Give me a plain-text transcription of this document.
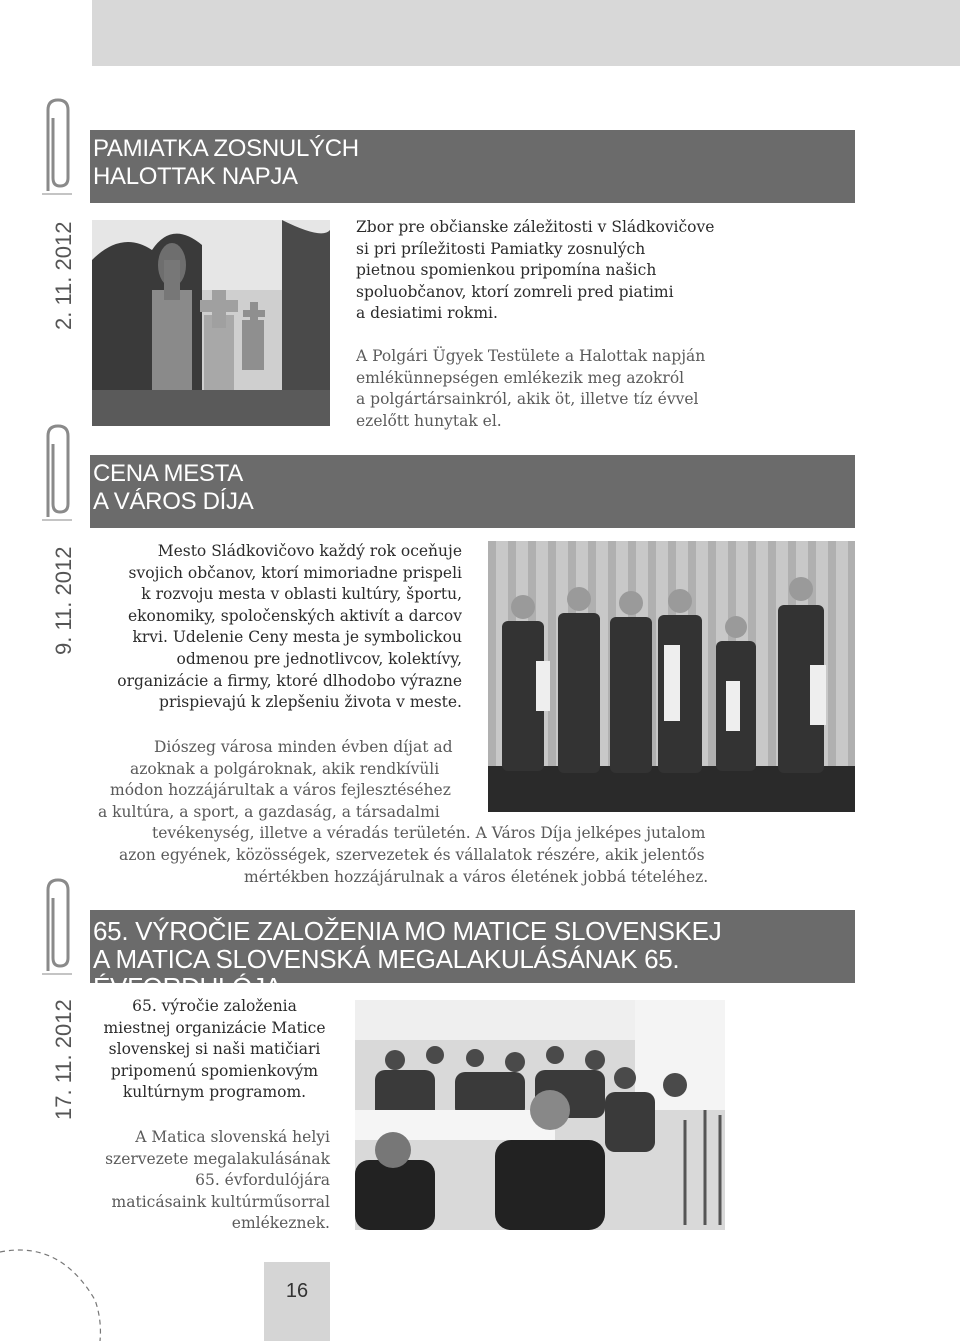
PAMIATKA ZOSNULÝCH
HALOTTAK NAPJA
2. 11. 2012	Zbor pre občianske záležitosti v Sládkovičove
si pri príležitosti Pamiatky zosnulých
pietnou spomienkou pripomína našich
spoluobčanov, ktorí zomreli pred piatimi
a desiatimi rokmi.
A Polgári Ügyek Testülete a Halottak napján
emlékünnepségen emlékezik meg azokról
a polgártársainkról, akik öt, illetve tíz évvel
ezelőtt hunytak el.
CENA MESTA
A VÁROS DÍJA
9. 11. 2012	Mesto Sládkovičovo každý rok oceňuje
svojich občanov, ktorí mimoriadne prispeli
k rozvoju mesta v oblasti kultúry, športu,
ekonomiky, spoločenských aktivít a darcov
krvi. Udelenie Ceny mesta je symbolickou
odmenou pre jednotlivcov, kolektívy,
organizácie a firmy, ktoré dlhodobo výrazne
prispievajú k zlepšeniu života v meste.
Diószeg városa minden évben díjat ad
azoknak a polgároknak, akik rendkívüli
módon hozzájárultak a város fejlesztéséhez
a kultúra, a sport, a gazdaság, a társadalmi
tevékenység, illetve a véradás területén. A Város Díja jelképes jutalom
azon egyének, közösségek, szervezetek és vállalatok részére, akik jelentős
mértékben hozzájárulnak a város életének jobbá tételéhez.
65. VÝROČIE ZALOŽENIA MO MATICE SLOVENSKEJ
A MATICA SLOVENSKÁ MEGALAKULÁSÁNAK 65. ÉVFORDULÓJA
17. 11. 2012	65. výročie založenia
miestnej organizácie Matice
slovenskej si naši matičiari
pripomenú spomienkovým
kultúrnym programom.
A Matica slovenská helyi
szervezete megalakulásának
65. évfordulójára
maticásaink kultúrműsorral
emlékeznek.
16
